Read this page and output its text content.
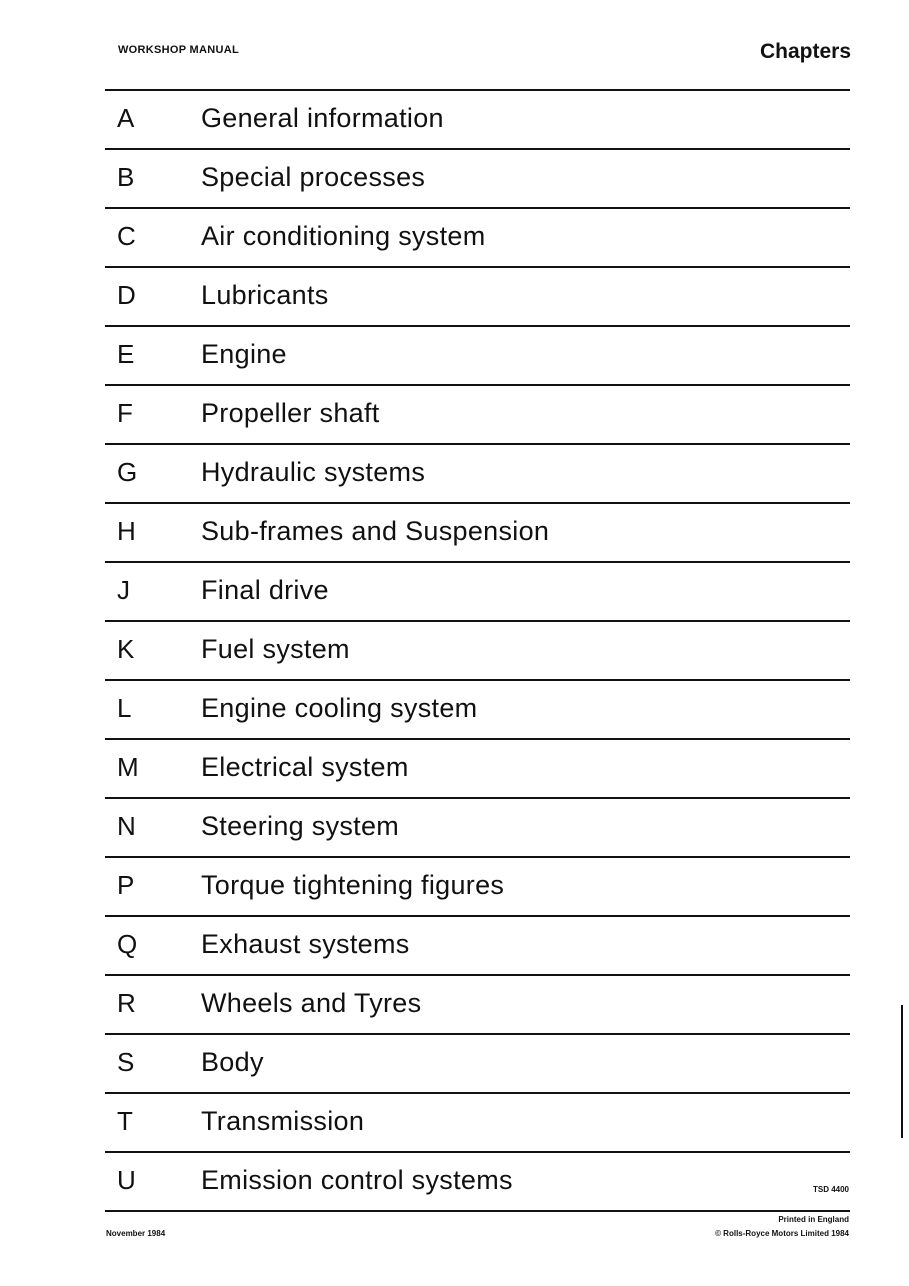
WORKSHOP MANUAL	Chapters
A General information
B Special processes
C Air conditioning system
D Lubricants
E Engine
F	Propeller shaft
G Hydraulic systems
H Sub-frames and Suspension
J	Final drive
K Fuel system
L	Engine cooling system
M Electrical system
N Steering system
P Torque tightening figures
Q Exhaust systems
R Wheels and Tyres
S Body
T	Transmission
U Emission control systems	TSD 4400
November 1984
Printed in England
© Rolls-Royce Motors Limited 1984
